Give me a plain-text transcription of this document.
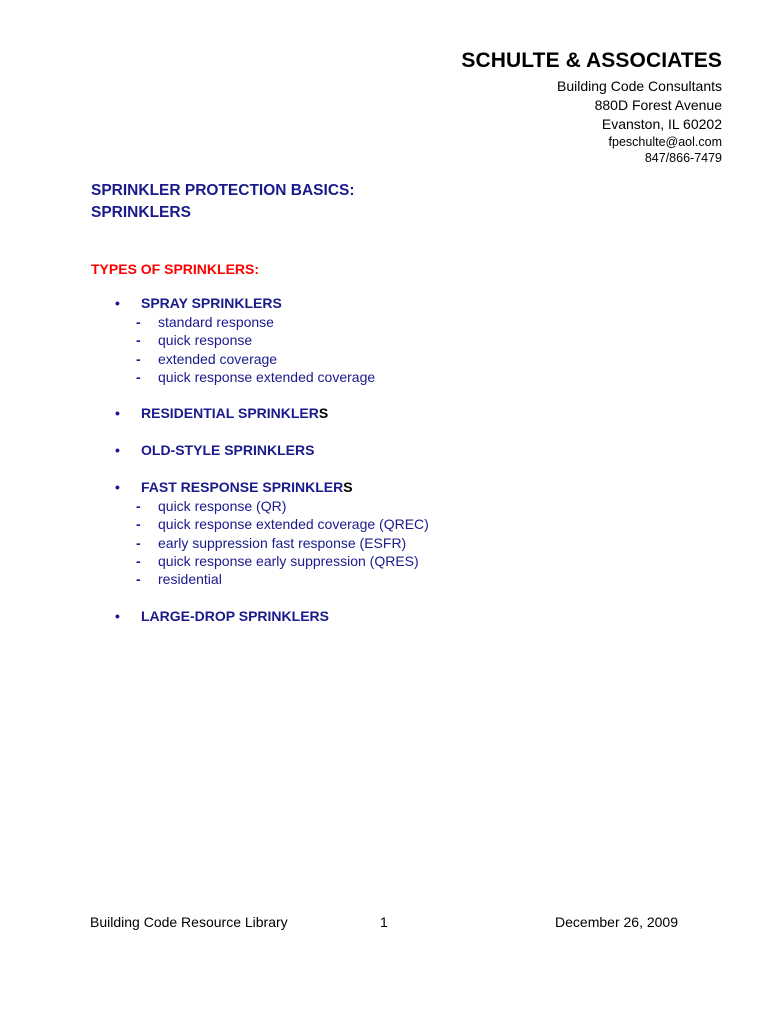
SCHULTE & ASSOCIATES
Building Code Consultants
880D Forest Avenue
Evanston, IL 60202
fpeschulte@aol.com
847/866-7479
SPRINKLER PROTECTION BASICS:
SPRINKLERS
TYPES OF SPRINKLERS:
•	SPRAY SPRINKLERS
-	standard response
-	quick response
-	extended coverage
-	quick response extended coverage
•	RESIDENTIAL SPRINKLERS
•	OLD-STYLE SPRINKLERS
•	FAST RESPONSE SPRINKLERS
-	quick response (QR)
-	quick response extended coverage (QREC)
-	early suppression fast response (ESFR)
-	quick response early suppression (QRES)
-	residential
•	LARGE-DROP SPRINKLERS
Building Code Resource Library	1	December 26, 2009
